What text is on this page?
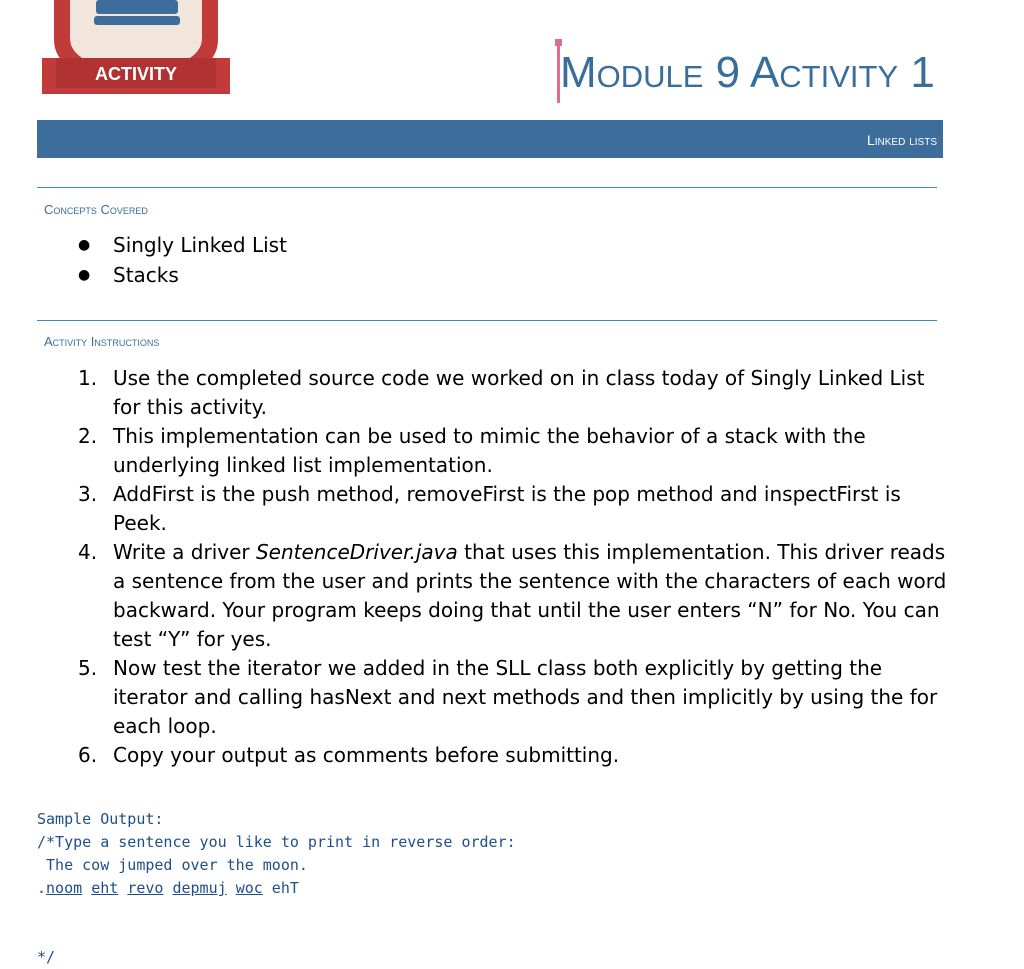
ACTIVITY	Module 9 Activity 1
Linked lists
Concepts Covered
● Singly Linked List
● Stacks
Activity Instructions
1. Use the completed source code we worked on in class today of Singly Linked List for this activity.
2. This implementation can be used to mimic the behavior of a stack with the underlying linked list implementation.
3. AddFirst is the push method, removeFirst is the pop method and inspectFirst is Peek.
4. Write a driver SentenceDriver.java that uses this implementation. This driver reads a sentence from the user and prints the sentence with the characters of each word backward. Your program keeps doing that until the user enters “N” for No. You can test “Y” for yes.
5. Now test the iterator we added in the SLL class both explicitly by getting the iterator and calling hasNext and next methods and then implicitly by using the for each loop.
6. Copy your output as comments before submitting.
Sample Output:
/*Type a sentence you like to print in reverse order:
The cow jumped over the moon.
.noom eht revo depmuj woc ehT

*/
